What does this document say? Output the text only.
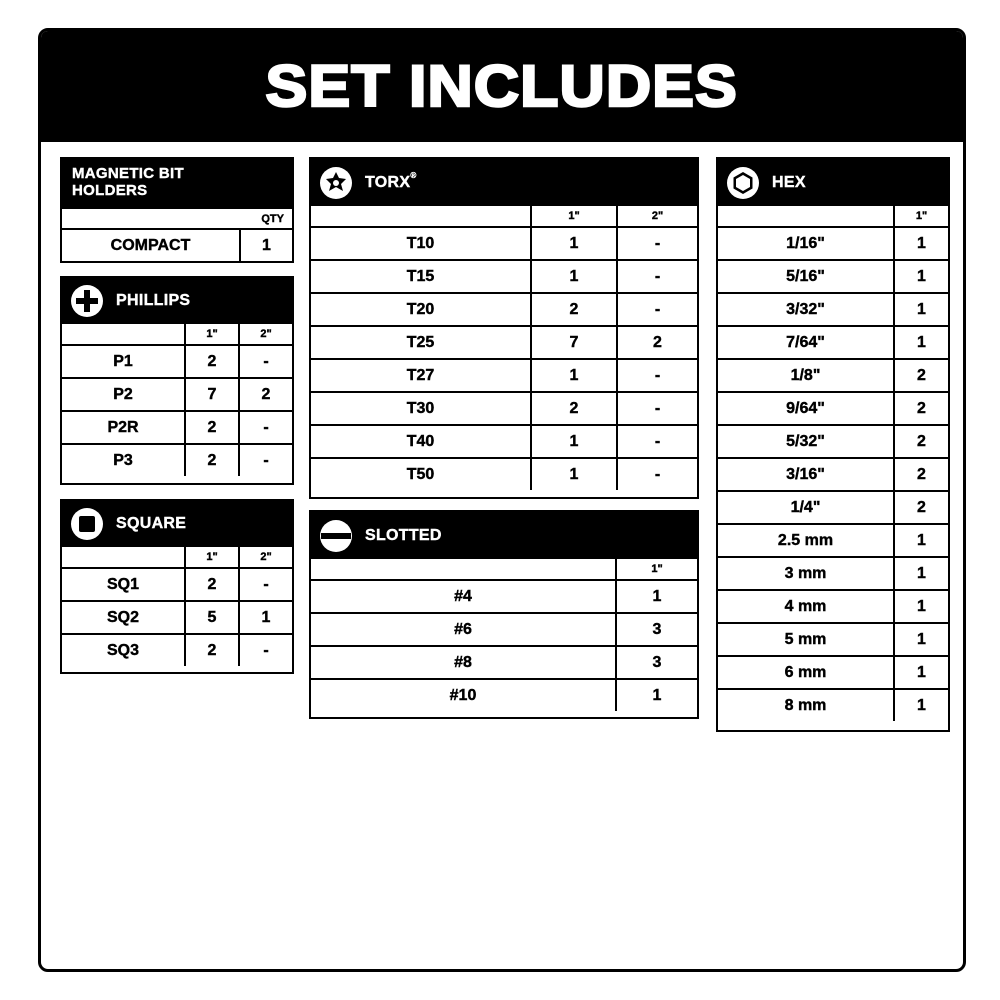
SET INCLUDES
MAGNETIC BIT
HOLDERS
	QTY
COMPACT	1
PHILLIPS
	1"	2"
P1	2	-
P2	7	2
P2R	2	-
P3	2	-
SQUARE
	1"	2"
SQ1	2	-
SQ2	5	1
SQ3	2	-
TORX®
	1"	2"
T10	1	-
T15	1	-
T20	2	-
T25	7	2
T27	1	-
T30	2	-
T40	1	-
T50	1	-
SLOTTED
	1"
#4	1
#6	3
#8	3
#10	1
HEX
	1"
1/16"	1
5/16"	1
3/32"	1
7/64"	1
1/8"	2
9/64"	2
5/32"	2
3/16"	2
1/4"	2
2.5 mm	1
3 mm	1
4 mm	1
5 mm	1
6 mm	1
8 mm	1
